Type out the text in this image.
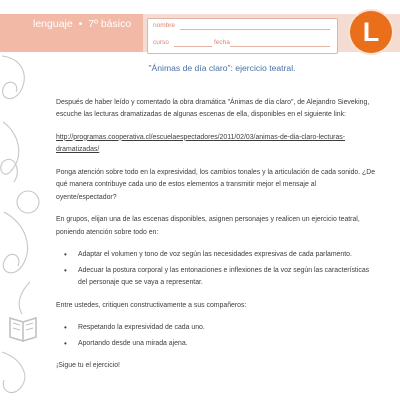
lenguaje • 7º básico	nombre
curso	fecha	L
"Ánimas de día claro": ejercicio teatral.

Después de haber leído y comentado la obra dramática "Ánimas de día claro", de Alejandro Sieveking, escuche las lecturas dramatizadas de algunas escenas de ella, disponibles en el siguiente link:

http://programas.cooperativa.cl/escuelaespectadores/2011/02/03/animas-de-dia-claro-lecturas-dramatizadas/

Ponga atención sobre todo en la expresividad, los cambios tonales y la articulación de cada sonido. ¿De qué manera contribuye cada uno de estos elementos a transmitir mejor el mensaje al oyente/espectador?

En grupos, elijan una de las escenas disponibles, asignen personajes y realicen un ejercicio teatral, poniendo atención sobre todo en:

• Adaptar el volumen y tono de voz según las necesidades expresivas de cada parlamento.
• Adecuar la postura corporal y las entonaciones e inflexiones de la voz según las características del personaje que se vaya a representar.

Entre ustedes, critiquen constructivamente a sus compañeros:

• Respetando la expresividad de cada uno.
• Aportando desde una mirada ajena.

¡Sigue tu el ejercicio!
